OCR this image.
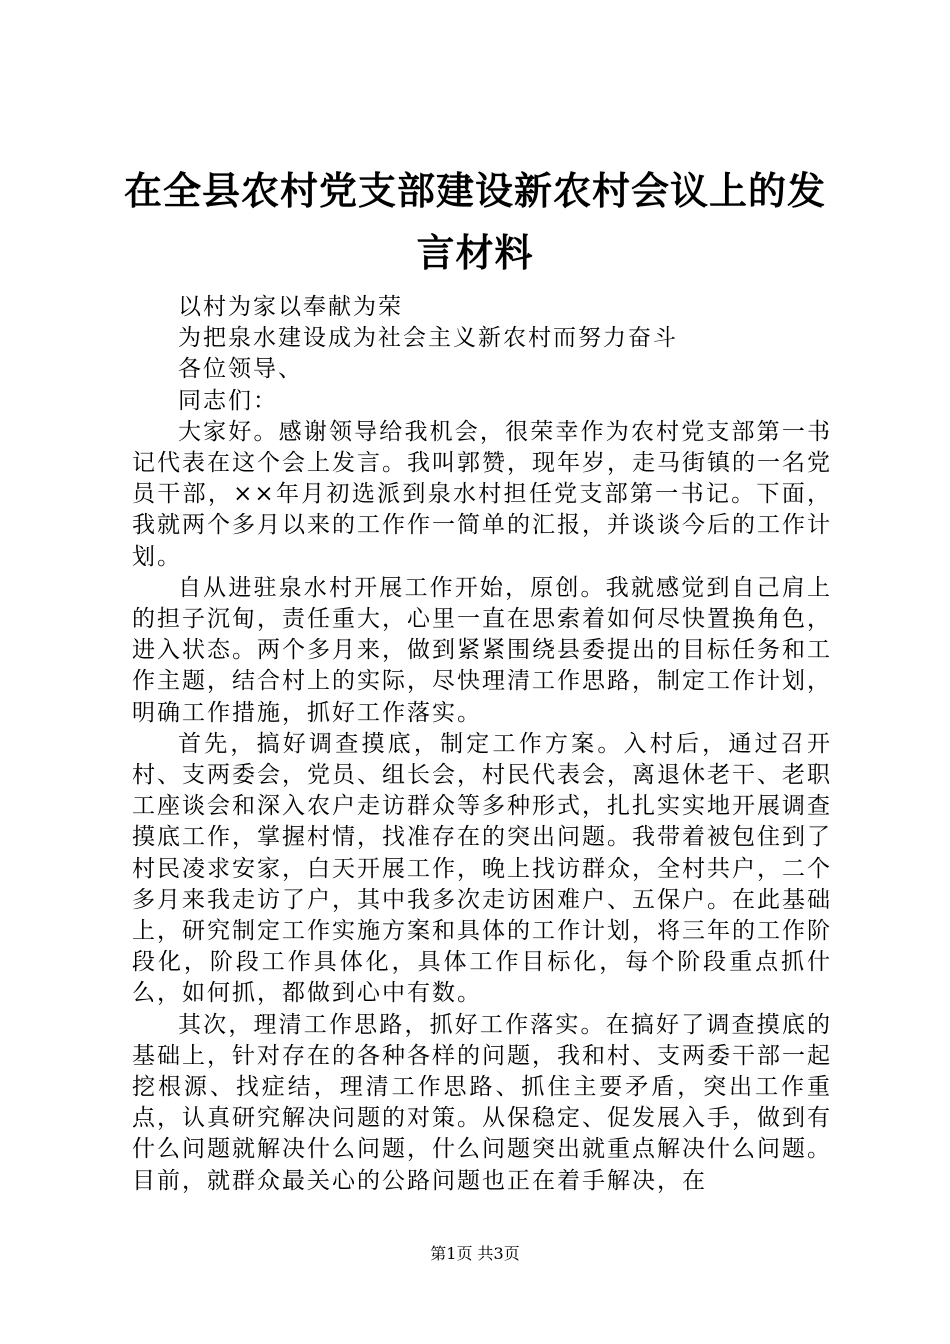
在全县农村党支部建设新农村会议上的发言材料

以村为家以奉献为荣

为把泉水建设成为社会主义新农村而努力奋斗

各位领导、

同志们：

大家好。感谢领导给我机会，很荣幸作为农村党支部第一书记代表在这个会上发言。我叫郭赞，现年岁，走马街镇的一名党员干部，××年月初选派到泉水村担任党支部第一书记。下面，我就两个多月以来的工作作一简单的汇报，并谈谈今后的工作计划。

自从进驻泉水村开展工作开始，原创。我就感觉到自己肩上的担子沉甸，责任重大，心里一直在思索着如何尽快置换角色，进入状态。两个多月来，做到紧紧围绕县委提出的目标任务和工作主题，结合村上的实际，尽快理清工作思路，制定工作计划，明确工作措施，抓好工作落实。

首先，搞好调查摸底，制定工作方案。入村后，通过召开村、支两委会，党员、组长会，村民代表会，离退休老干、老职工座谈会和深入农户走访群众等多种形式，扎扎实实地开展调查摸底工作，掌握村情，找准存在的突出问题。我带着被包住到了村民凌求安家，白天开展工作，晚上找访群众，全村共户，二个多月来我走访了户，其中我多次走访困难户、五保户。在此基础上，研究制定工作实施方案和具体的工作计划，将三年的工作阶段化，阶段工作具体化，具体工作目标化，每个阶段重点抓什么，如何抓，都做到心中有数。

其次，理清工作思路，抓好工作落实。在搞好了调查摸底的基础上，针对存在的各种各样的问题，我和村、支两委干部一起挖根源、找症结，理清工作思路、抓住主要矛盾，突出工作重点，认真研究解决问题的对策。从保稳定、促发展入手，做到有什么问题就解决什么问题，什么问题突出就重点解决什么问题。目前，就群众最关心的公路问题也正在着手解决，在

第1页 共3页
